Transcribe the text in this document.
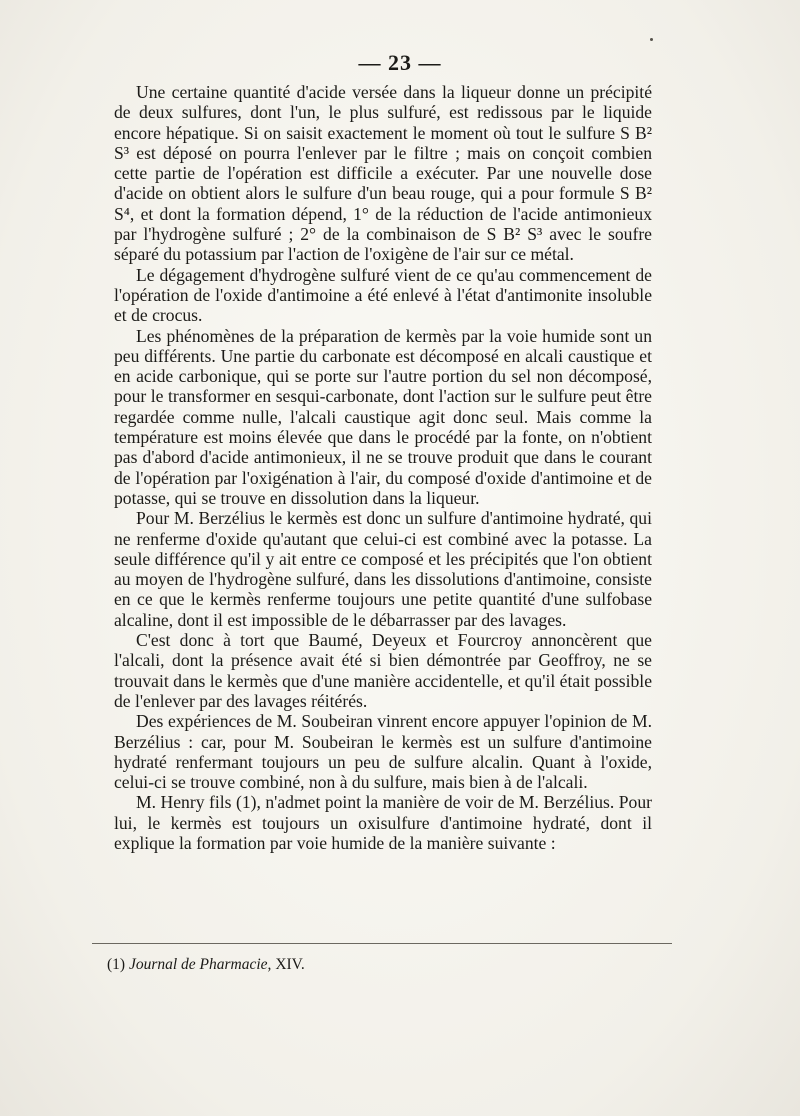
— 23 —

Une certaine quantité d'acide versée dans la liqueur donne un précipité de deux sulfures, dont l'un, le plus sulfuré, est redissous par le liquide encore hépatique. Si on saisit exactement le moment où tout le sulfure S B² S³ est déposé on pourra l'enlever par le filtre ; mais on conçoit combien cette partie de l'opération est difficile a exécuter. Par une nouvelle dose d'acide on obtient alors le sulfure d'un beau rouge, qui a pour formule S B² S⁴, et dont la formation dépend, 1° de la réduction de l'acide antimonieux par l'hydrogène sulfuré ; 2° de la combinaison de S B² S³ avec le soufre séparé du potassium par l'action de l'oxigène de l'air sur ce métal.

Le dégagement d'hydrogène sulfuré vient de ce qu'au commencement de l'opération de l'oxide d'antimoine a été enlevé à l'état d'antimonite insoluble et de crocus.

Les phénomènes de la préparation de kermès par la voie humide sont un peu différents. Une partie du carbonate est décomposé en alcali caustique et en acide carbonique, qui se porte sur l'autre portion du sel non décomposé, pour le transformer en sesqui-carbonate, dont l'action sur le sulfure peut être regardée comme nulle, l'alcali caustique agit donc seul. Mais comme la température est moins élevée que dans le procédé par la fonte, on n'obtient pas d'abord d'acide antimonieux, il ne se trouve produit que dans le courant de l'opération par l'oxigénation à l'air, du composé d'oxide d'antimoine et de potasse, qui se trouve en dissolution dans la liqueur.

Pour M. Berzélius le kermès est donc un sulfure d'antimoine hydraté, qui ne renferme d'oxide qu'autant que celui-ci est combiné avec la potasse. La seule différence qu'il y ait entre ce composé et les précipités que l'on obtient au moyen de l'hydrogène sulfuré, dans les dissolutions d'antimoine, consiste en ce que le kermès renferme toujours une petite quantité d'une sulfobase alcaline, dont il est impossible de le débarrasser par des lavages.

C'est donc à tort que Baumé, Deyeux et Fourcroy annoncèrent que l'alcali, dont la présence avait été si bien démontrée par Geoffroy, ne se trouvait dans le kermès que d'une manière accidentelle, et qu'il était possible de l'enlever par des lavages réitérés.

Des expériences de M. Soubeiran vinrent encore appuyer l'opinion de M. Berzélius : car, pour M. Soubeiran le kermès est un sulfure d'antimoine hydraté renfermant toujours un peu de sulfure alcalin. Quant à l'oxide, celui-ci se trouve combiné, non à du sulfure, mais bien à de l'alcali.

M. Henry fils (1), n'admet point la manière de voir de M. Berzélius. Pour lui, le kermès est toujours un oxisulfure d'antimoine hydraté, dont il explique la formation par voie humide de la manière suivante :

(1) Journal de Pharmacie, XIV.
